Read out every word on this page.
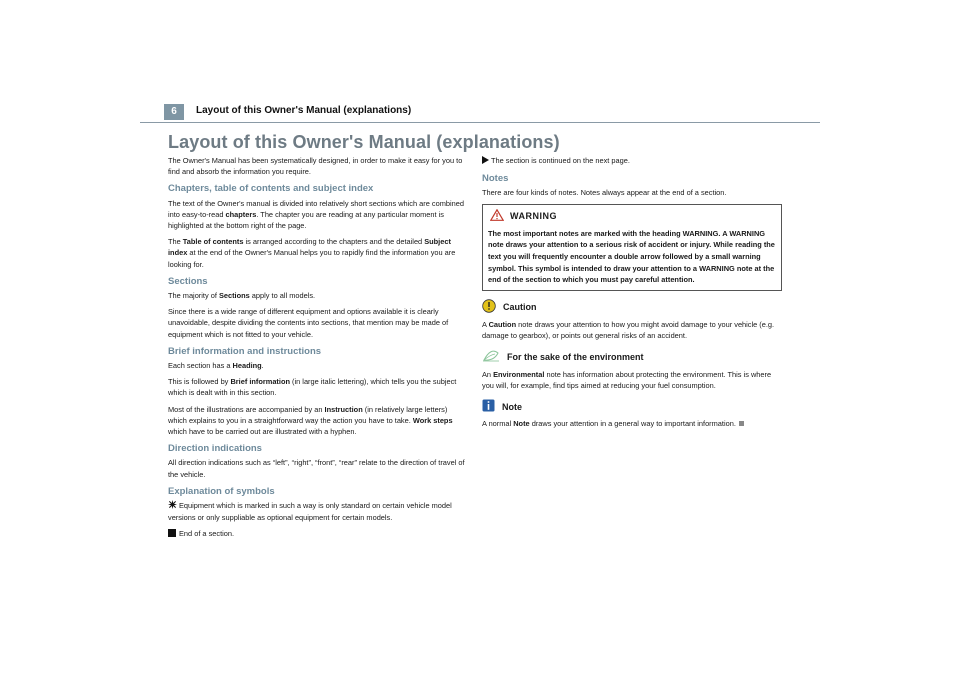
6	Layout of this Owner's Manual (explanations)
Layout of this Owner's Manual (explanations)

The Owner's Manual has been systematically designed, in order to make it easy for you to find and absorb the information you require.

Chapters, table of contents and subject index

The text of the Owner's manual is divided into relatively short sections which are combined into easy-to-read chapters. The chapter you are reading at any particular moment is highlighted at the bottom right of the page.

The Table of contents is arranged according to the chapters and the detailed Subject index at the end of the Owner's Manual helps you to rapidly find the information you are looking for.

Sections

The majority of Sections apply to all models.

Since there is a wide range of different equipment and options available it is clearly unavoidable, despite dividing the contents into sections, that mention may be made of equipment which is not fitted to your vehicle.

Brief information and instructions

Each section has a Heading.

This is followed by Brief information (in large italic lettering), which tells you the subject which is dealt with in this section.

Most of the illustrations are accompanied by an Instruction (in relatively large letters) which explains to you in a straightforward way the action you have to take. Work steps which have to be carried out are illustrated with a hyphen.

Direction indications

All direction indications such as “left”, “right”, “front”, “rear” relate to the direction of travel of the vehicle.

Explanation of symbols

Equipment which is marked in such a way is only standard on certain vehicle model versions or only suppliable as optional equipment for certain models.

End of a section.

The section is continued on the next page.

Notes

There are four kinds of notes. Notes always appear at the end of a section.

WARNING

The most important notes are marked with the heading WARNING. A WARNING note draws your attention to a serious risk of accident or injury. While reading the text you will frequently encounter a double arrow followed by a small warning symbol. This symbol is intended to draw your attention to a WARNING note at the end of the section to which you must pay careful attention.

Caution

A Caution note draws your attention to how you might avoid damage to your vehicle (e.g. damage to gearbox), or points out general risks of an accident.

For the sake of the environment

An Environmental note has information about protecting the environment. This is where you will, for example, find tips aimed at reducing your fuel consumption.

Note

A normal Note draws your attention in a general way to important information.
